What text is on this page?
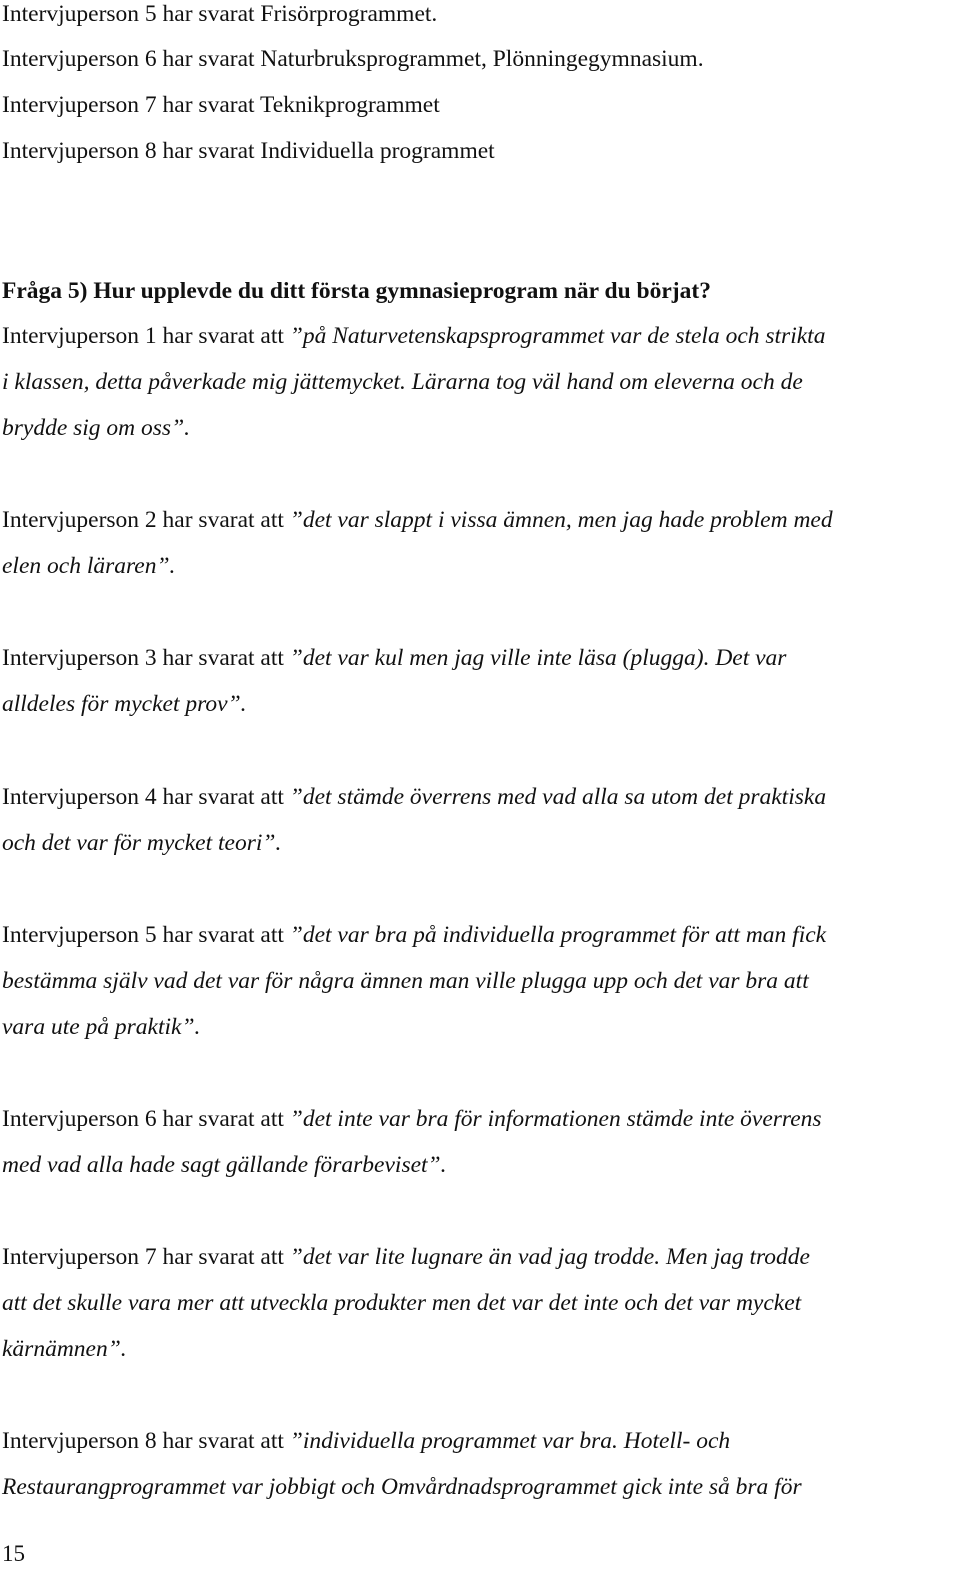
Intervjuperson 5 har svarat Frisörprogrammet.
Intervjuperson 6 har svarat Naturbruksprogrammet, Plönningegymnasium.
Intervjuperson 7 har svarat Teknikprogrammet
Intervjuperson 8 har svarat Individuella programmet
Fråga 5) Hur upplevde du ditt första gymnasieprogram när du börjat?
Intervjuperson 1 har svarat att ”på Naturvetenskapsprogrammet var de stela och strikta
i klassen, detta påverkade mig jättemycket. Lärarna tog väl hand om eleverna och de
brydde sig om oss”.
Intervjuperson 2 har svarat att ”det var slappt i vissa ämnen, men jag hade problem med
elen och läraren”.
Intervjuperson 3 har svarat att ”det var kul men jag ville inte läsa (plugga). Det var
alldeles för mycket prov”.
Intervjuperson 4 har svarat att ”det stämde överrens med vad alla sa utom det praktiska
och det var för mycket teori”.
Intervjuperson 5 har svarat att ”det var bra på individuella programmet för att man fick
bestämma själv vad det var för några ämnen man ville plugga upp och det var bra att
vara ute på praktik”.
Intervjuperson 6 har svarat att ”det inte var bra för informationen stämde inte överrens
med vad alla hade sagt gällande förarbeviset”.
Intervjuperson 7 har svarat att ”det var lite lugnare än vad jag trodde. Men jag trodde
att det skulle vara mer att utveckla produkter men det var det inte och det var mycket
kärnämnen”.
Intervjuperson 8 har svarat att ”individuella programmet var bra. Hotell- och
Restaurangprogrammet var jobbigt och Omvårdnadsprogrammet gick inte så bra för
15
